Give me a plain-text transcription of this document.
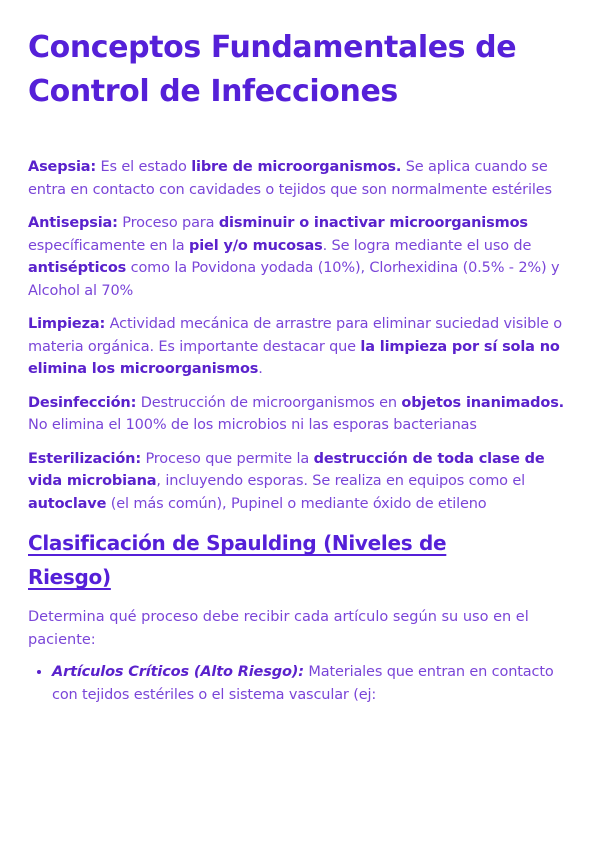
Conceptos Fundamentales de
Control de Infecciones

Asepsia: Es el estado libre de microorganismos. Se aplica cuando se entra en contacto con cavidades o tejidos que son normalmente estériles

Antisepsia: Proceso para disminuir o inactivar microorganismos específicamente en la piel y/o mucosas. Se logra mediante el uso de antisépticos como la Povidona yodada (10%), Clorhexidina (0.5% - 2%) y Alcohol al 70%

Limpieza: Actividad mecánica de arrastre para eliminar suciedad visible o materia orgánica. Es importante destacar que la limpieza por sí sola no elimina los microorganismos.

Desinfección: Destrucción de microorganismos en objetos inanimados. No elimina el 100% de los microbios ni las esporas bacterianas

Esterilización: Proceso que permite la destrucción de toda clase de vida microbiana, incluyendo esporas. Se realiza en equipos como el autoclave (el más común), Pupinel o mediante óxido de etileno

Clasificación de Spaulding (Niveles de
Riesgo)

Determina qué proceso debe recibir cada artículo según su uso en el paciente:

• Artículos Críticos (Alto Riesgo): Materiales que entran en contacto con tejidos estériles o el sistema vascular (ej:
